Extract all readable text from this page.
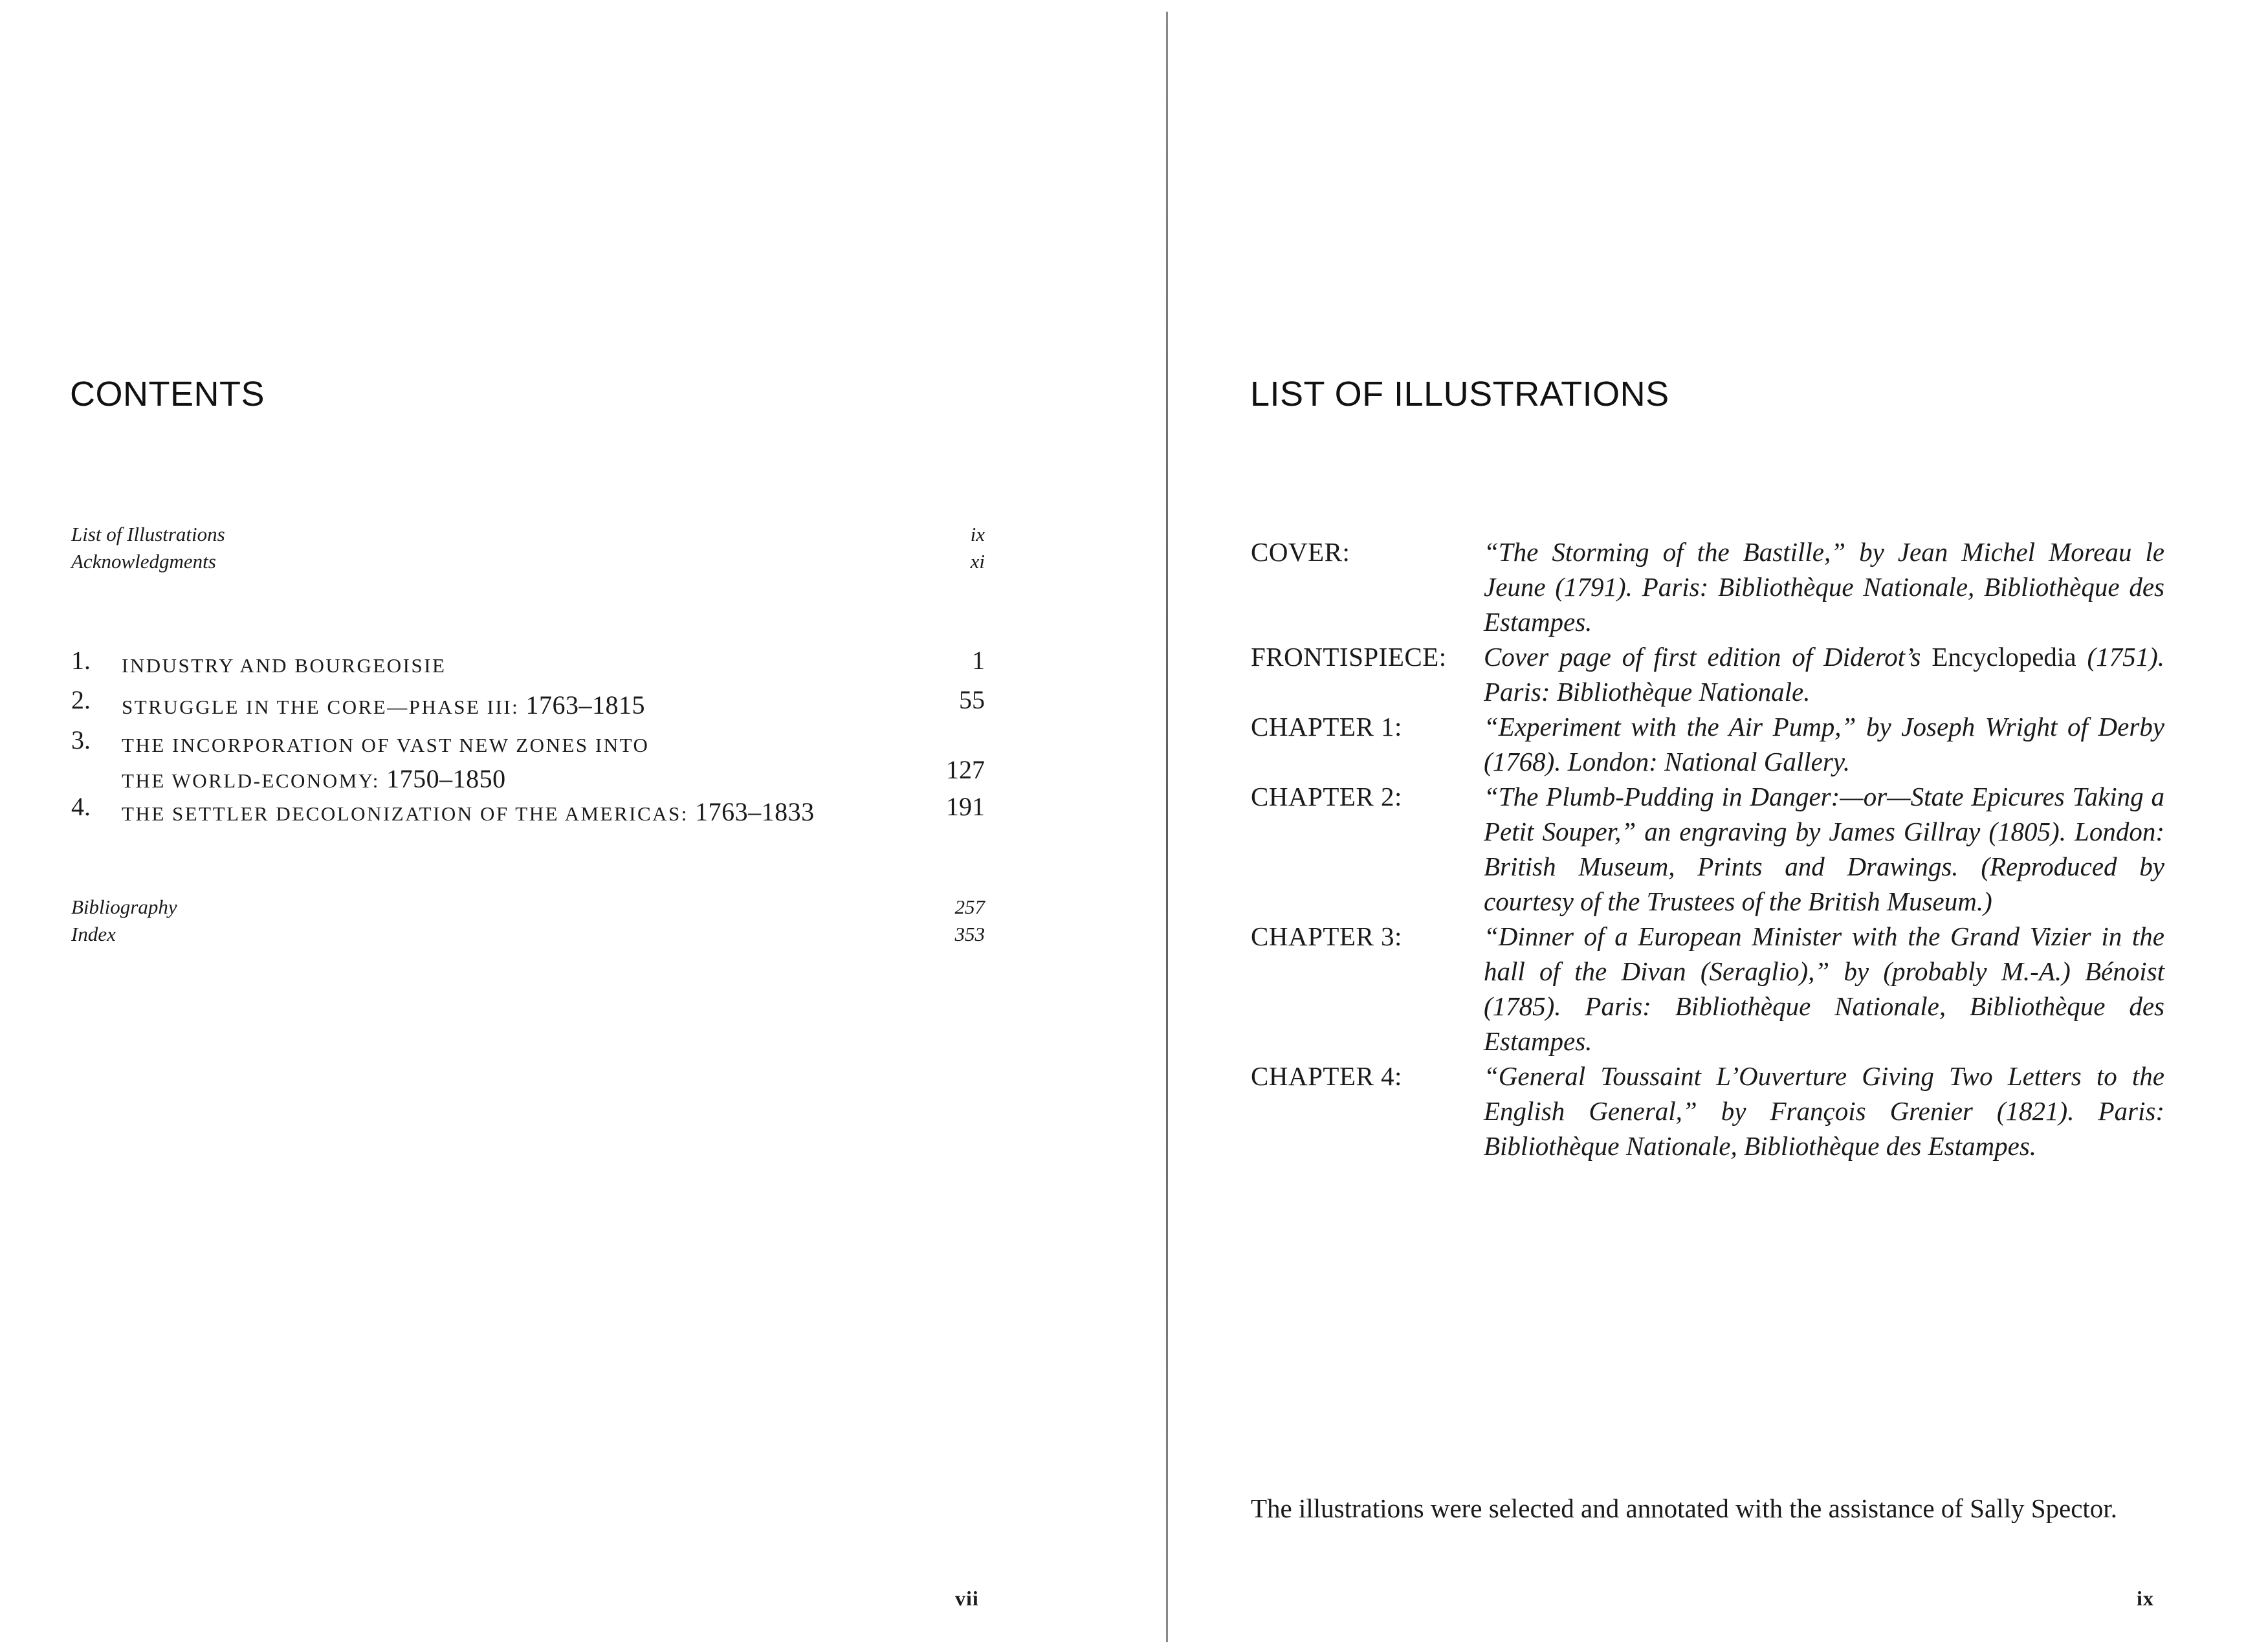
CONTENTS
List of Illustrations	ix
Acknowledgments	xi
1. INDUSTRY AND BOURGEOISIE	1
2. STRUGGLE IN THE CORE—PHASE III: 1763–1815	55
3. THE INCORPORATION OF VAST NEW ZONES INTO
THE WORLD-ECONOMY: 1750–1850	127
4. THE SETTLER DECOLONIZATION OF THE AMERICAS: 1763–1833	191
Bibliography	257
Index	353
vii
LIST OF ILLUSTRATIONS
COVER:	“The Storming of the Bastille,” by Jean Michel Moreau le Jeune (1791). Paris: Bibliothèque Nationale, Bibliothèque des Estampes.
FRONTISPIECE:	Cover page of first edition of Diderot’s Encyclopedia (1751). Paris: Bibliothèque Nationale.
CHAPTER 1:	“Experiment with the Air Pump,” by Joseph Wright of Derby (1768). London: National Gallery.
CHAPTER 2:	“The Plumb-Pudding in Danger:—or—State Epicures Taking a Petit Souper,” an engraving by James Gillray (1805). London: British Museum, Prints and Drawings. (Reproduced by courtesy of the Trustees of the British Museum.)
CHAPTER 3:	“Dinner of a European Minister with the Grand Vizier in the hall of the Divan (Seraglio),” by (probably M.-A.) Bénoist (1785). Paris: Bibliothèque Nationale, Bibliothèque des Estampes.
CHAPTER 4:	“General Toussaint L’Ouverture Giving Two Letters to the English General,” by François Grenier (1821). Paris: Bibliothèque Nationale, Bibliothèque des Estampes.

The illustrations were selected and annotated with the assistance of Sally Spector.

ix
